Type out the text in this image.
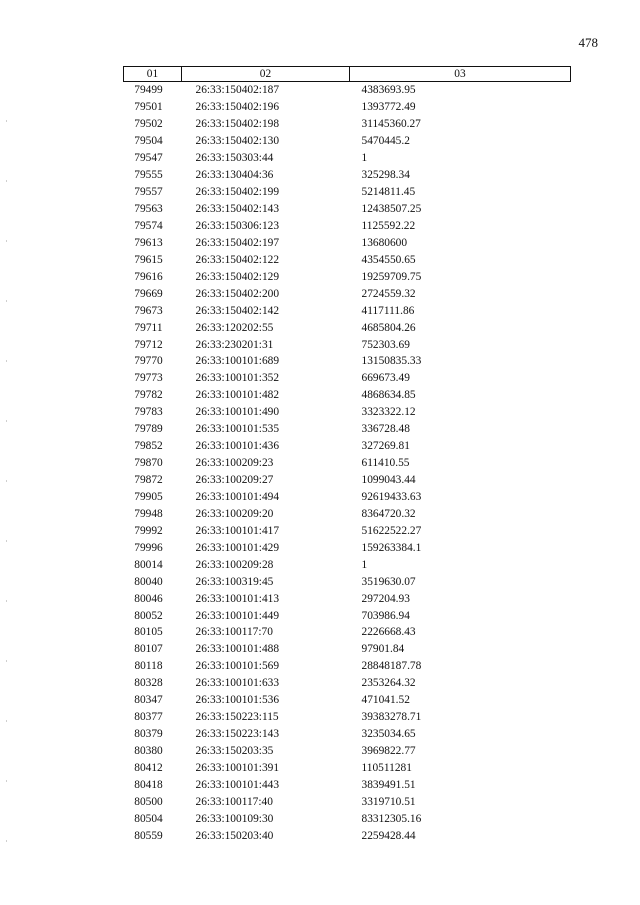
478
01	02	03
79499	26:33:150402:187	4383693.95
79501	26:33:150402:196	1393772.49
79502	26:33:150402:198	31145360.27
79504	26:33:150402:130	5470445.2
79547	26:33:150303:44	1
79555	26:33:130404:36	325298.34
79557	26:33:150402:199	5214811.45
79563	26:33:150402:143	12438507.25
79574	26:33:150306:123	1125592.22
79613	26:33:150402:197	13680600
79615	26:33:150402:122	4354550.65
79616	26:33:150402:129	19259709.75
79669	26:33:150402:200	2724559.32
79673	26:33:150402:142	4117111.86
79711	26:33:120202:55	4685804.26
79712	26:33:230201:31	752303.69
79770	26:33:100101:689	13150835.33
79773	26:33:100101:352	669673.49
79782	26:33:100101:482	4868634.85
79783	26:33:100101:490	3323322.12
79789	26:33:100101:535	336728.48
79852	26:33:100101:436	327269.81
79870	26:33:100209:23	611410.55
79872	26:33:100209:27	1099043.44
79905	26:33:100101:494	92619433.63
79948	26:33:100209:20	8364720.32
79992	26:33:100101:417	51622522.27
79996	26:33:100101:429	159263384.1
80014	26:33:100209:28	1
80040	26:33:100319:45	3519630.07
80046	26:33:100101:413	297204.93
80052	26:33:100101:449	703986.94
80105	26:33:100117:70	2226668.43
80107	26:33:100101:488	97901.84
80118	26:33:100101:569	28848187.78
80328	26:33:100101:633	2353264.32
80347	26:33:100101:536	471041.52
80377	26:33:150223:115	39383278.71
80379	26:33:150223:143	3235034.65
80380	26:33:150203:35	3969822.77
80412	26:33:100101:391	110511281
80418	26:33:100101:443	3839491.51
80500	26:33:100117:40	3319710.51
80504	26:33:100109:30	83312305.16
80559	26:33:150203:40	2259428.44
